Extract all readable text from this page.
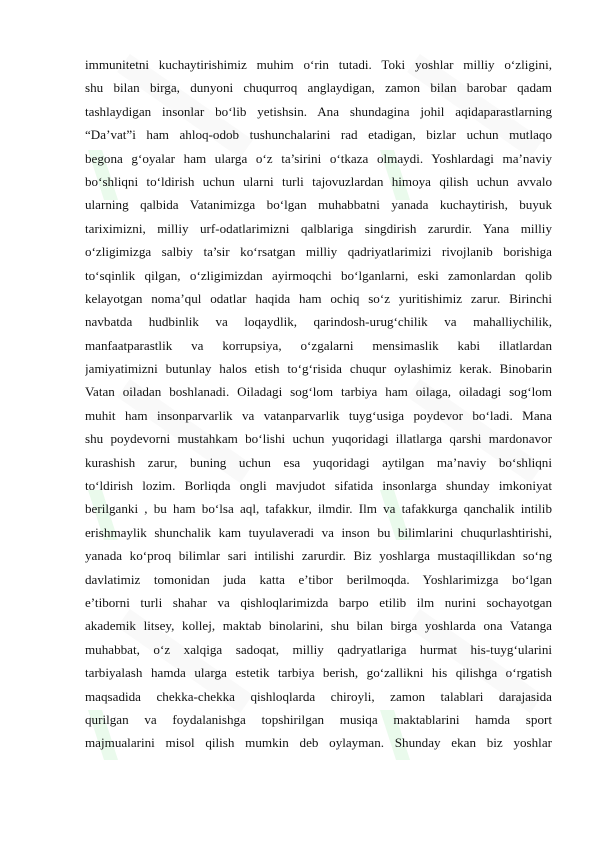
immunitetni kuchaytirishimiz muhim o‘rin tutadi. Toki yoshlar milliy o‘zligini,
shu bilan birga, dunyoni chuqurroq anglaydigan, zamon bilan barobar qadam
tashlaydigan insonlar bo‘lib yetishsin. Ana shundagina johil aqidaparastlarning
“Da’vat”i ham ahloq-odob tushunchalarini rad etadigan, bizlar uchun mutlaqo
begona g‘oyalar ham ularga o‘z ta’sirini o‘tkaza olmaydi. Yoshlardagi ma’naviy
bo‘shliqni to‘ldirish uchun ularni turli tajovuzlardan himoya qilish uchun avvalo
ularning qalbida Vatanimizga bo‘lgan muhabbatni yanada kuchaytirish, buyuk
tariximizni, milliy urf-odatlarimizni qalblariga singdirish zarurdir. Yana milliy
o‘zligimizga salbiy ta’sir ko‘rsatgan milliy qadriyatlarimizi rivojlanib borishiga
to‘sqinlik qilgan, o‘zligimizdan ayirmoqchi bo‘lganlarni, eski zamonlardan qolib
kelayotgan noma’qul odatlar haqida ham ochiq so‘z yuritishimiz zarur. Birinchi
navbatda hudbinlik va loqaydlik, qarindosh-urug‘chilik va mahalliychilik,
manfaatparastlik va korrupsiya, o‘zgalarni mensimaslik kabi illatlardan
jamiyatimizni butunlay halos etish to‘g‘risida chuqur oylashimiz kerak. Binobarin
Vatan oiladan boshlanadi. Oiladagi sog‘lom tarbiya ham oilaga, oiladagi sog‘lom
muhit ham insonparvarlik va vatanparvarlik tuyg‘usiga poydevor bo‘ladi. Mana
shu poydevorni mustahkam bo‘lishi uchun yuqoridagi illatlarga qarshi mardonavor
kurashish zarur, buning uchun esa yuqoridagi aytilgan ma’naviy bo‘shliqni
to‘ldirish lozim. Borliqda ongli mavjudot sifatida insonlarga shunday imkoniyat
berilganki , bu ham bo‘lsa aql, tafakkur, ilmdir. Ilm va tafakkurga qanchalik intilib
erishmaylik shunchalik kam tuyulaveradi va inson bu bilimlarini chuqurlashtirishi,
yanada ko‘proq bilimlar sari intilishi zarurdir. Biz yoshlarga mustaqillikdan so‘ng
davlatimiz tomonidan juda katta e’tibor berilmoqda. Yoshlarimizga bo‘lgan
e’tiborni turli shahar va qishloqlarimizda barpo etilib ilm nurini sochayotgan
akademik litsey, kollej, maktab binolarini, shu bilan birga yoshlarda ona Vatanga
muhabbat, o‘z xalqiga sadoqat, milliy qadryatlariga hurmat his-tuyg‘ularini
tarbiyalash hamda ularga estetik tarbiya berish, go‘zallikni his qilishga o‘rgatish
maqsadida chekka-chekka qishloqlarda chiroyli, zamon talablari darajasida
qurilgan va foydalanishga topshirilgan musiqa maktablarini hamda sport
majmualarini misol qilish mumkin deb oylayman. Shunday ekan biz yoshlar
